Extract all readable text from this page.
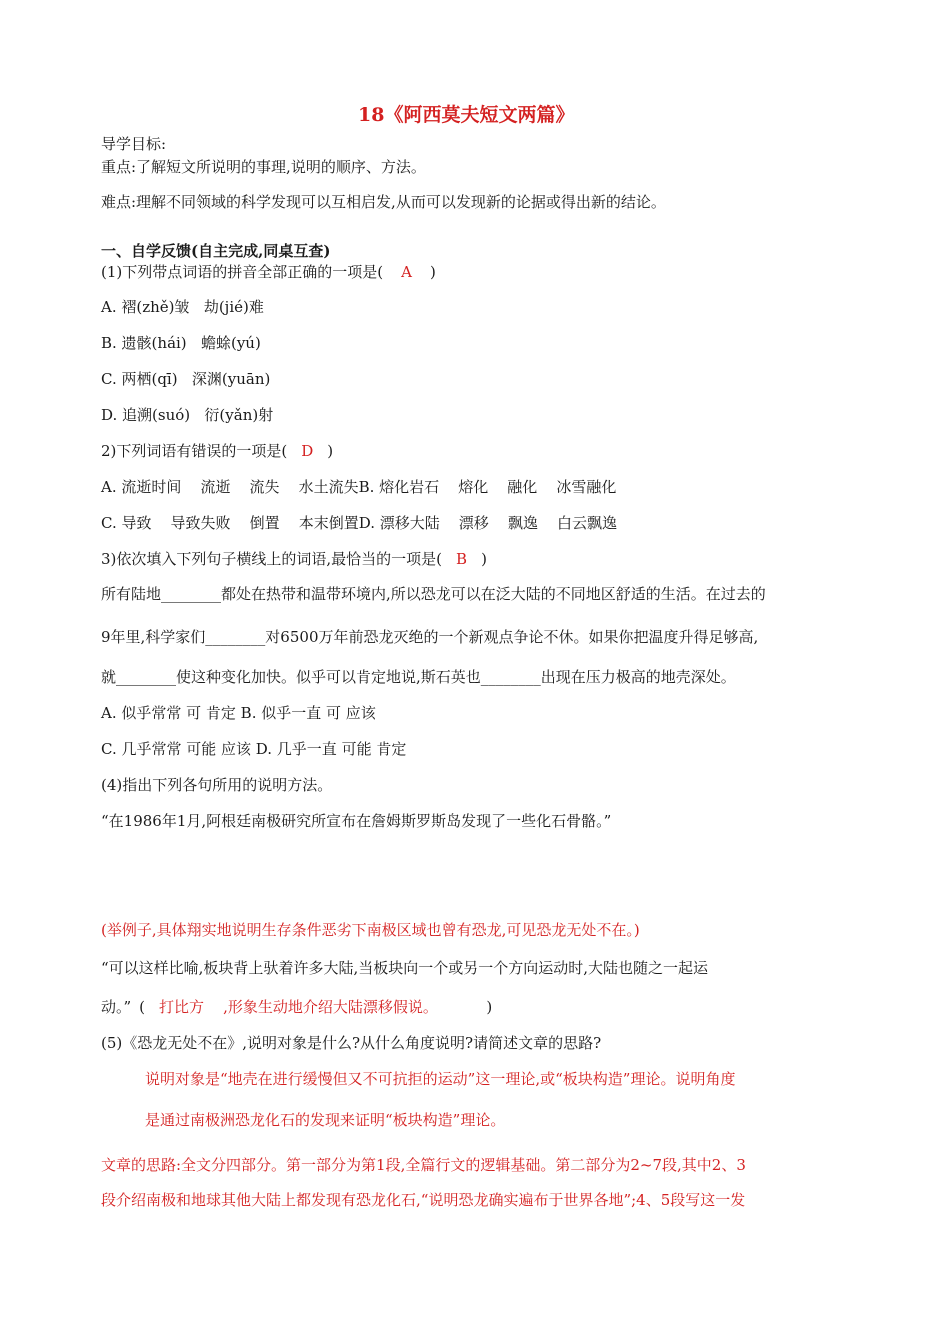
18《阿西莫夫短文两篇》
导学目标:
重点:了解短文所说明的事理,说明的顺序、方法。
难点:理解不同领域的科学发现可以互相启发,从而可以发现新的论据或得出新的结论。
一、自学反馈(自主完成,同桌互查)
(1)下列带点词语的拼音全部正确的一项是( A )
A. 褶(zhě)皱   劫(jié)难
B. 遗骸(hái)   蟾蜍(yú)
C. 两栖(qī)   深渊(yuān)
D. 追溯(suó)   衍(yǎn)射
2)下列词语有错误的一项是( D )
A. 流逝时间    流逝    流失    水土流失B. 熔化岩石    熔化    融化    冰雪融化
C. 导致    导致失败    倒置    本末倒置D. 漂移大陆    漂移    飘逸    白云飘逸
3)依次填入下列句子横线上的词语,最恰当的一项是( B )
所有陆地________都处在热带和温带环境内,所以恐龙可以在泛大陆的不同地区舒适的生活。在过去的
9年里,科学家们________对6500万年前恐龙灭绝的一个新观点争论不休。如果你把温度升得足够高,
就________使这种变化加快。似乎可以肯定地说,斯石英也________出现在压力极高的地壳深处。
A. 似乎常常 可 肯定 B. 似乎一直 可 应该
C. 几乎常常 可能 应该 D. 几乎一直 可能 肯定
(4)指出下列各句所用的说明方法。
“在1986年1月,阿根廷南极研究所宣布在詹姆斯罗斯岛发现了一些化石骨骼。”
(举例子,具体翔实地说明生存条件恶劣下南极区域也曾有恐龙,可见恐龙无处不在。)
“可以这样比喻,板块背上驮着许多大陆,当板块向一个或另一个方向运动时,大陆也随之一起运
动。” ( 打比方    ,形象生动地介绍大陆漂移假说。	)
(5)《恐龙无处不在》,说明对象是什么?从什么角度说明?请简述文章的思路?
说明对象是“地壳在进行缓慢但又不可抗拒的运动”这一理论,或“板块构造”理论。说明角度
是通过南极洲恐龙化石的发现来证明“板块构造”理论。
文章的思路:全文分四部分。第一部分为第1段,全篇行文的逻辑基础。第二部分为2~7段,其中2、3
段介绍南极和地球其他大陆上都发现有恐龙化石,“说明恐龙确实遍布于世界各地”;4、5段写这一发
